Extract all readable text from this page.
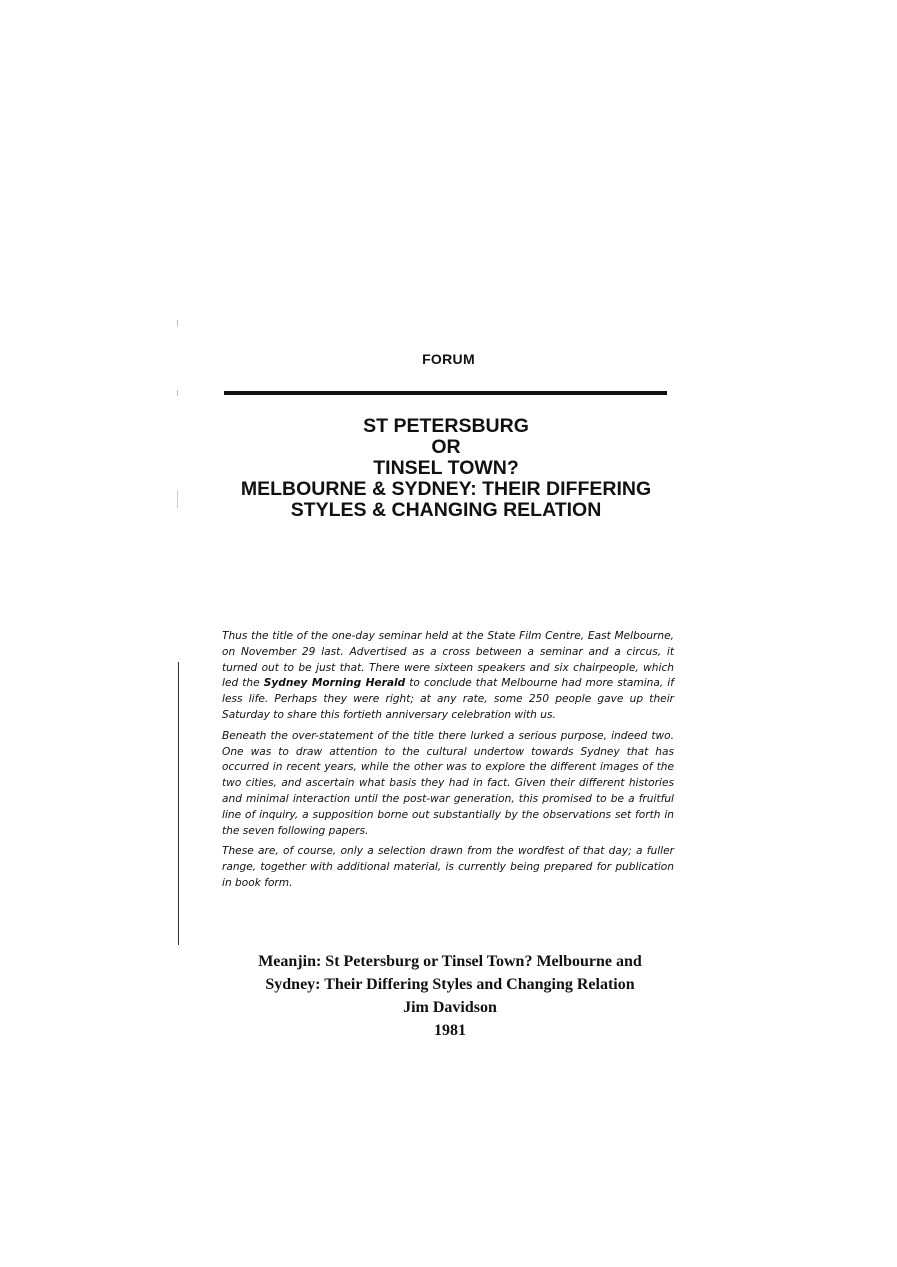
FORUM
ST PETERSBURG
OR
TINSEL TOWN?
MELBOURNE & SYDNEY: THEIR DIFFERING
STYLES & CHANGING RELATION

Thus the title of the one-day seminar held at the State Film Centre, East Melbourne, on November 29 last. Advertised as a cross between a seminar and a circus, it turned out to be just that. There were sixteen speakers and six chairpeople, which led the Sydney Morning Herald to conclude that Melbourne had more stamina, if less life. Perhaps they were right; at any rate, some 250 people gave up their Saturday to share this fortieth anniversary celebration with us.

Beneath the over-statement of the title there lurked a serious purpose, indeed two. One was to draw attention to the cultural undertow towards Sydney that has occurred in recent years, while the other was to explore the different images of the two cities, and ascertain what basis they had in fact. Given their different histories and minimal interaction until the post-war generation, this promised to be a fruitful line of inquiry, a supposition borne out substantially by the observations set forth in the seven following papers.

These are, of course, only a selection drawn from the wordfest of that day; a fuller range, together with additional material, is currently being prepared for publication in book form.

Meanjin: St Petersburg or Tinsel Town? Melbourne and
Sydney: Their Differing Styles and Changing Relation
Jim Davidson
1981
